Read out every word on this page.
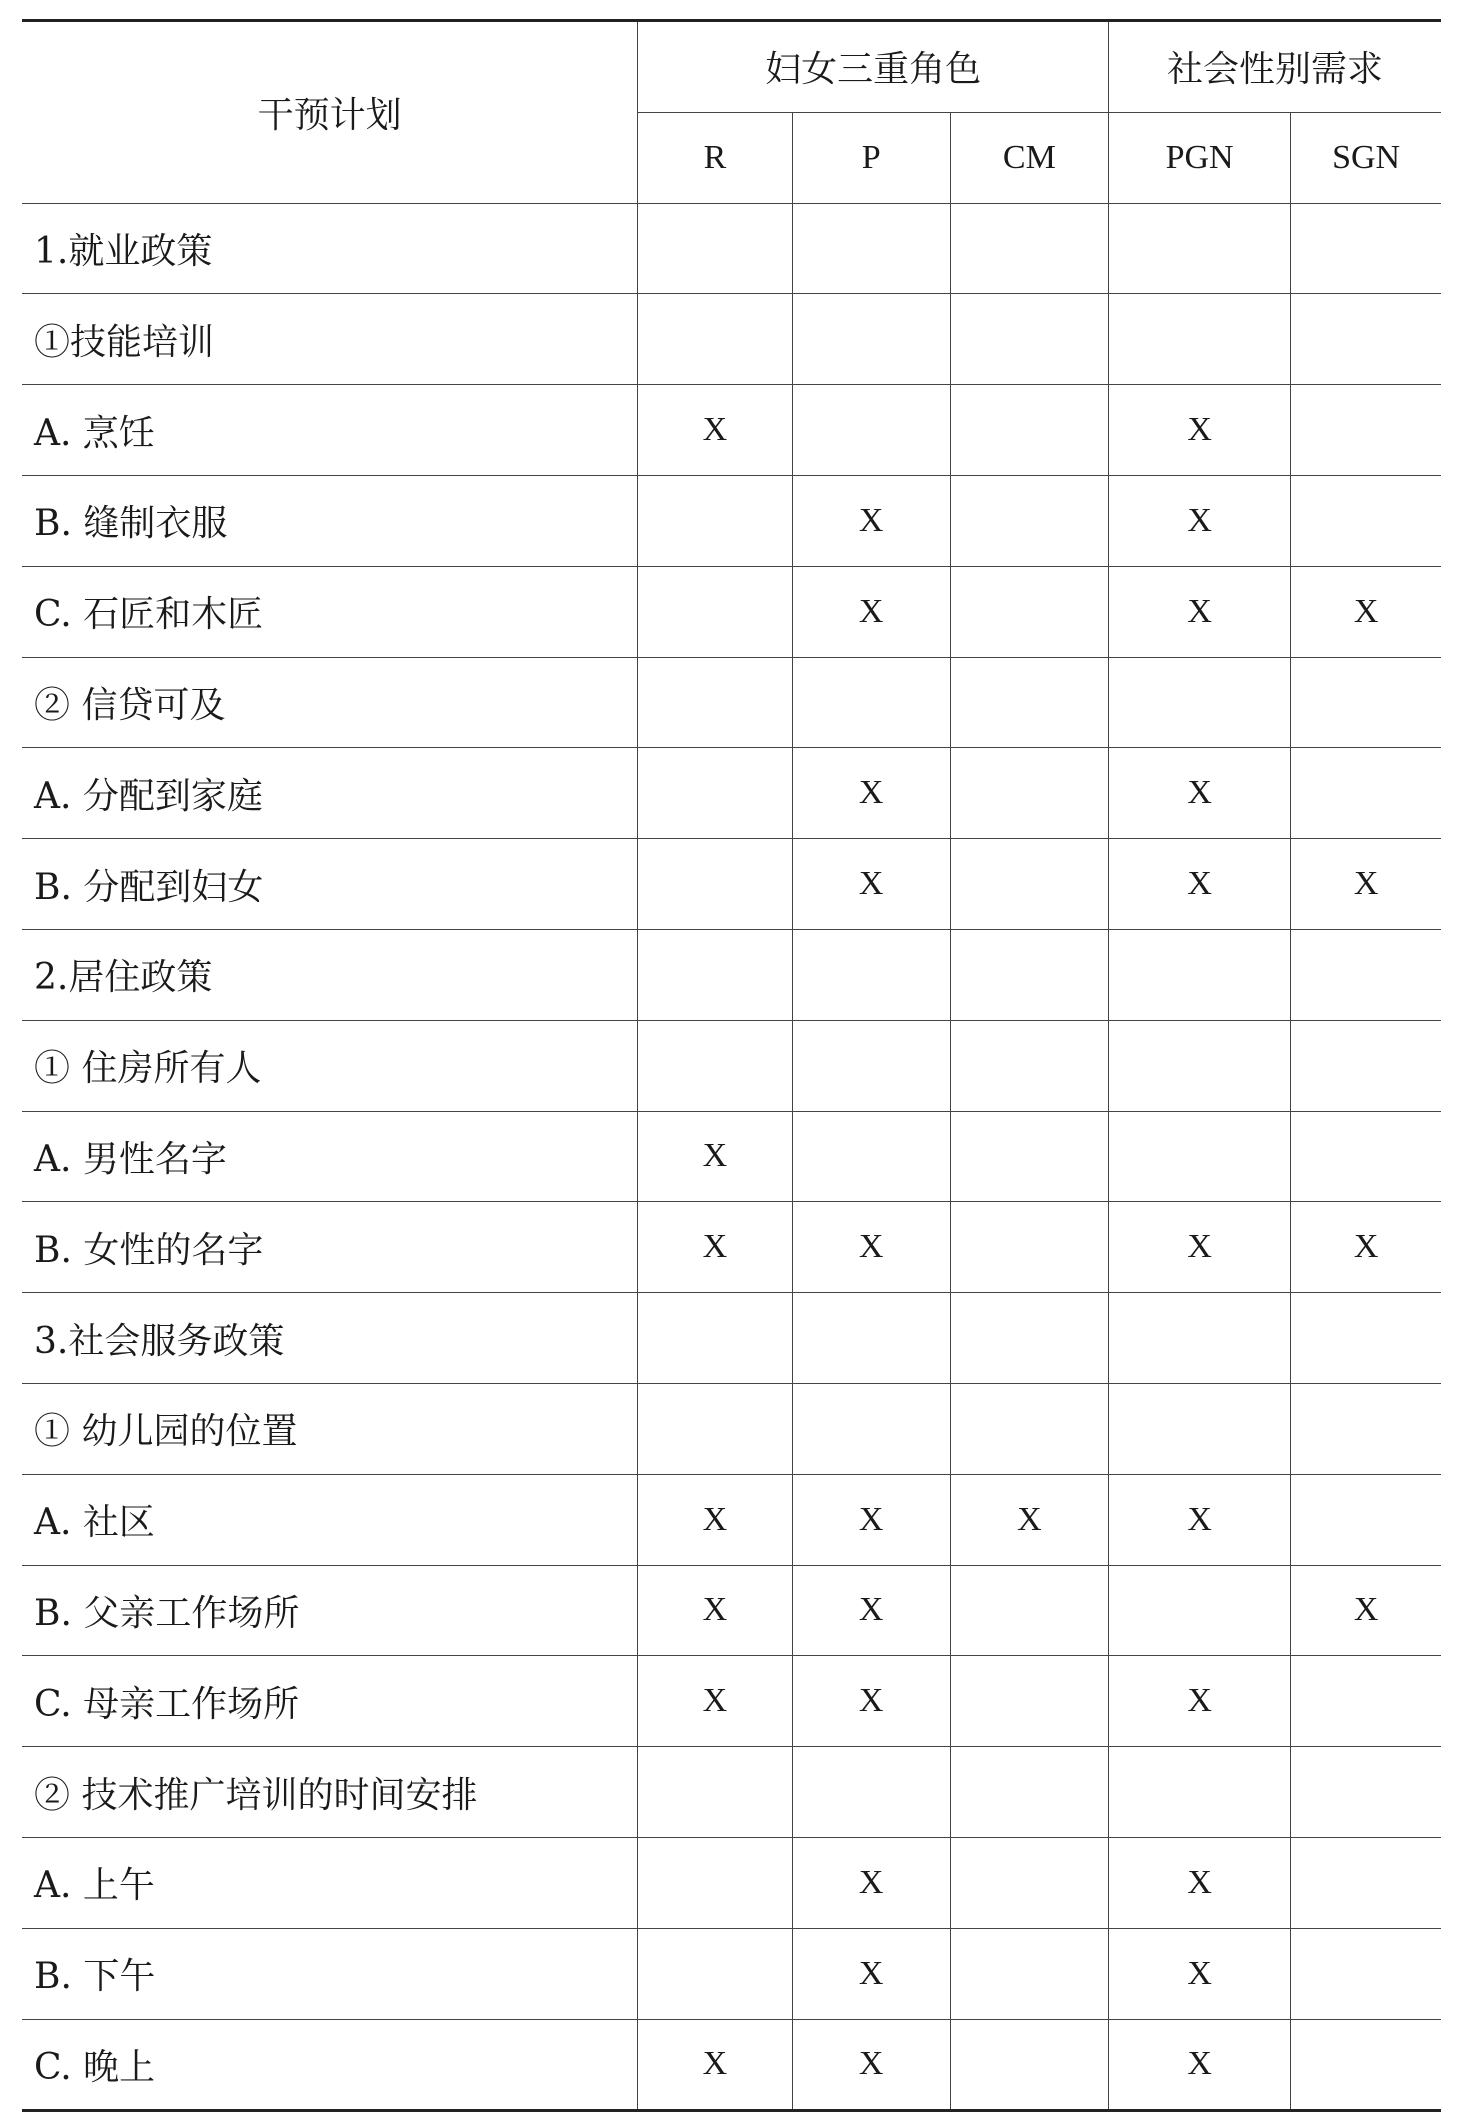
干预计划	妇女三重角色			社会性别需求	
	R	P	CM	PGN	SGN
1.就业政策					
①技能培训					
A. 烹饪	X			X	
B. 缝制衣服		X		X	
C. 石匠和木匠		X		X	X
② 信贷可及					
A. 分配到家庭		X		X	
B. 分配到妇女		X		X	X
2.居住政策					
① 住房所有人					
A. 男性名字	X				
B. 女性的名字	X	X		X	X
3.社会服务政策					
① 幼儿园的位置					
A. 社区	X	X	X	X	
B. 父亲工作场所	X	X			X
C. 母亲工作场所	X	X		X	
② 技术推广培训的时间安排					
A. 上午		X		X	
B. 下午		X		X	
C. 晚上	X	X		X	
